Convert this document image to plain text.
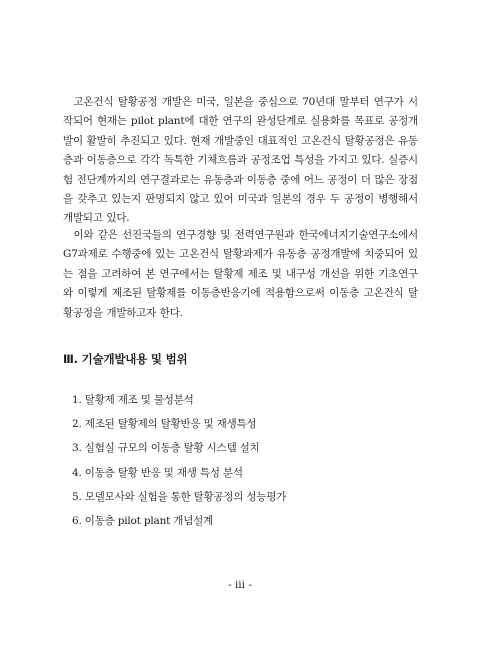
고온건식 탈황공정 개발은 미국, 일본을 중심으로 70년대 말부터 연구가 시작되어 현재는 pilot plant에 대한 연구의 완성단계로 실용화를 목표로 공정개발이 활발히 추진되고 있다. 현재 개발중인 대표적인 고온건식 탈황공정은 유동층과 이동층으로 각각 독특한 기체흐름과 공정조업 특성을 가지고 있다. 실증시험 전단계까지의 연구결과로는 유동층과 이동층 중에 어느 공정이 더 많은 장점을 갖추고 있는지 판명되지 않고 있어 미국과 일본의 경우 두 공정이 병행해서 개발되고 있다.

이와 같은 선진국들의 연구경향 및 전력연구원과 한국에너지기술연구소에서 G7과제로 수행중에 있는 고온건식 탈황과제가 유동층 공정개발에 치중되어 있는 점을 고려하여 본 연구에서는 탈황제 제조 및 내구성 개선을 위한 기초연구와 이렇게 제조된 탈황제를 이동층반응기에 적용함으로써 이동층 고온건식 탈황공정을 개발하고자 한다.

Ⅲ. 기술개발내용 및 범위
1. 탈황제 제조 및 물성분석
2. 제조된 탈황제의 탈황반응 및 재생특성
3. 실험실 규모의 이동층 탈황 시스템 설치
4. 이동층 탈황 반응 및 재생 특성 분석
5. 모델모사와 실험을 통한 탈황공정의 성능평가
6. 이동층 pilot plant 개념설계
- iii -
